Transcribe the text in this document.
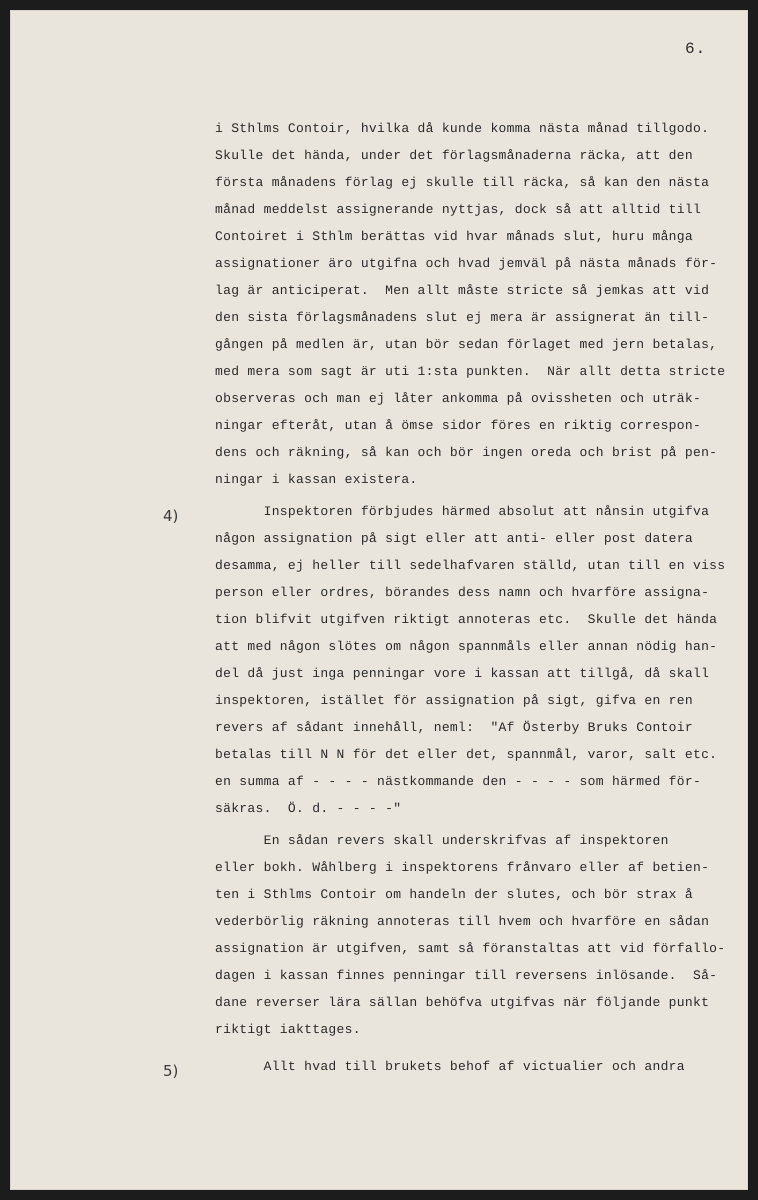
6.
4)
5)
i Sthlms Contoir, hvilka då kunde komma nästa månad tillgodo.
Skulle det hända, under det förlagsmånaderna räcka, att den
första månadens förlag ej skulle till räcka, så kan den nästa
månad meddelst assignerande nyttjas, dock så att alltid till
Contoiret i Sthlm berättas vid hvar månads slut, huru många
assignationer äro utgifna och hvad jemväl på nästa månads för-
lag är anticiperat.  Men allt måste stricte så jemkas att vid
den sista förlagsmånadens slut ej mera är assignerat än till-
gången på medlen är, utan bör sedan förlaget med jern betalas,
med mera som sagt är uti 1:sta punkten.  När allt detta stricte
observeras och man ej låter ankomma på ovissheten och uträk-
ningar efteråt, utan å ömse sidor föres en riktig correspon-
dens och räkning, så kan och bör ingen oreda och brist på pen-
ningar i kassan existera.
Inspektoren förbjudes härmed absolut att nånsin utgifva
någon assignation på sigt eller att anti- eller post datera
desamma, ej heller till sedelhafvaren ställd, utan till en viss
person eller ordres, börandes dess namn och hvarföre assigna-
tion blifvit utgifven riktigt annoteras etc.  Skulle det hända
att med någon slötes om någon spannmåls eller annan nödig han-
del då just inga penningar vore i kassan att tillgå, då skall
inspektoren, istället för assignation på sigt, gifva en ren
revers af sådant innehåll, neml:  "Af Österby Bruks Contoir
betalas till N N för det eller det, spannmål, varor, salt etc.
en summa af - - - - nästkommande den - - - - som härmed för-
säkras.  Ö. d. - - - -"
En sådan revers skall underskrifvas af inspektoren
eller bokh. Wåhlberg i inspektorens frånvaro eller af betien-
ten i Sthlms Contoir om handeln der slutes, och bör strax å
vederbörlig räkning annoteras till hvem och hvarföre en sådan
assignation är utgifven, samt så föranstaltas att vid förfallo-
dagen i kassan finnes penningar till reversens inlösande.  Så-
dane reverser lära sällan behöfva utgifvas när följande punkt
riktigt iakttages.
Allt hvad till brukets behof af victualier och andra
